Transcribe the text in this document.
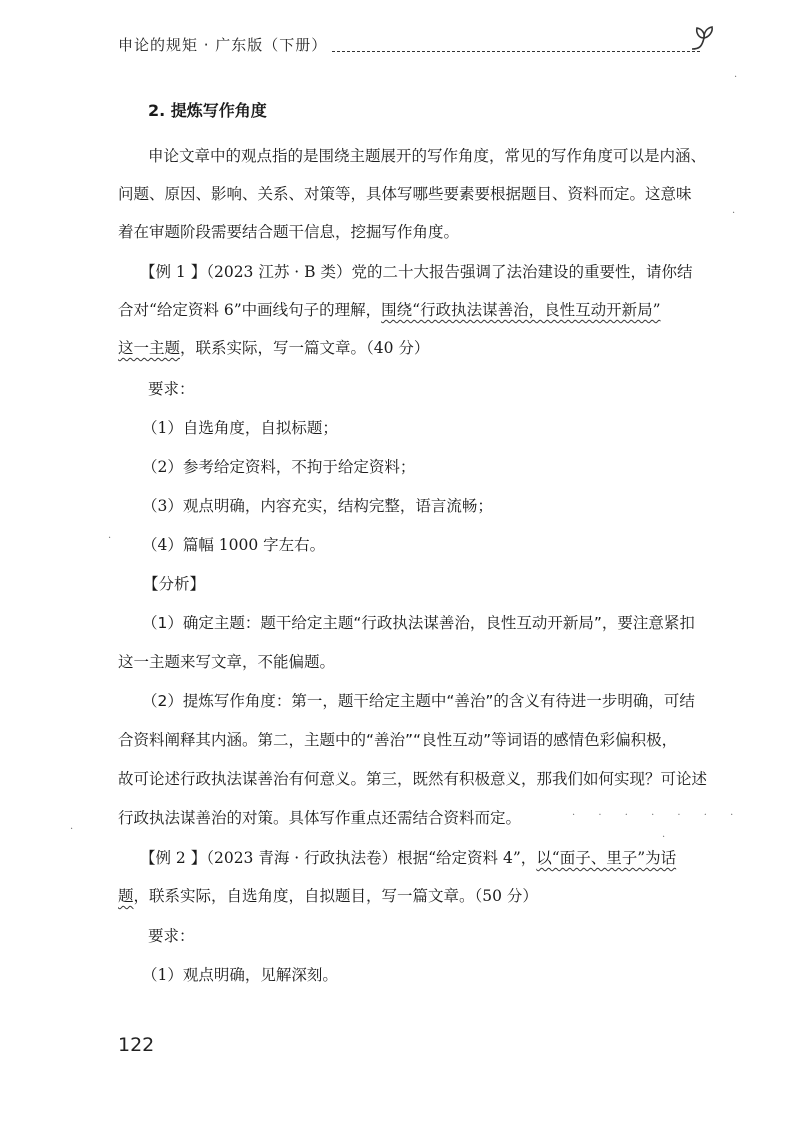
申论的规矩 · 广东版（下册）
2. 提炼写作角度
申论文章中的观点指的是围绕主题展开的写作角度，常见的写作角度可以是内涵、
问题、原因、影响、关系、对策等，具体写哪些要素要根据题目、资料而定。这意味
着在审题阶段需要结合题干信息，挖掘写作角度。
【例 1 】（2023 江苏 · B 类）党的二十大报告强调了法治建设的重要性，请你结
合对“给定资料 6”中画线句子的理解，围绕“行政执法谋善治，良性互动开新局”
这一主题，联系实际，写一篇文章。（40 分）
要求：
（1）自选角度，自拟标题；
（2）参考给定资料，不拘于给定资料；
（3）观点明确，内容充实，结构完整，语言流畅；
（4）篇幅 1000 字左右。
【分析】
（1）确定主题：题干给定主题“行政执法谋善治，良性互动开新局”，要注意紧扣
这一主题来写文章，不能偏题。
（2）提炼写作角度：第一，题干给定主题中“善治”的含义有待进一步明确，可结
合资料阐释其内涵。第二，主题中的“善治”“良性互动”等词语的感情色彩偏积极，
故可论述行政执法谋善治有何意义。第三，既然有积极意义，那我们如何实现？可论述
行政执法谋善治的对策。具体写作重点还需结合资料而定。
【例 2 】（2023 青海 · 行政执法卷）根据“给定资料 4”，以“面子、里子”为话
题，联系实际，自选角度，自拟题目，写一篇文章。（50 分）
要求：
（1）观点明确，见解深刻。
122
·
·
·
· · · · · · ·
·
·
